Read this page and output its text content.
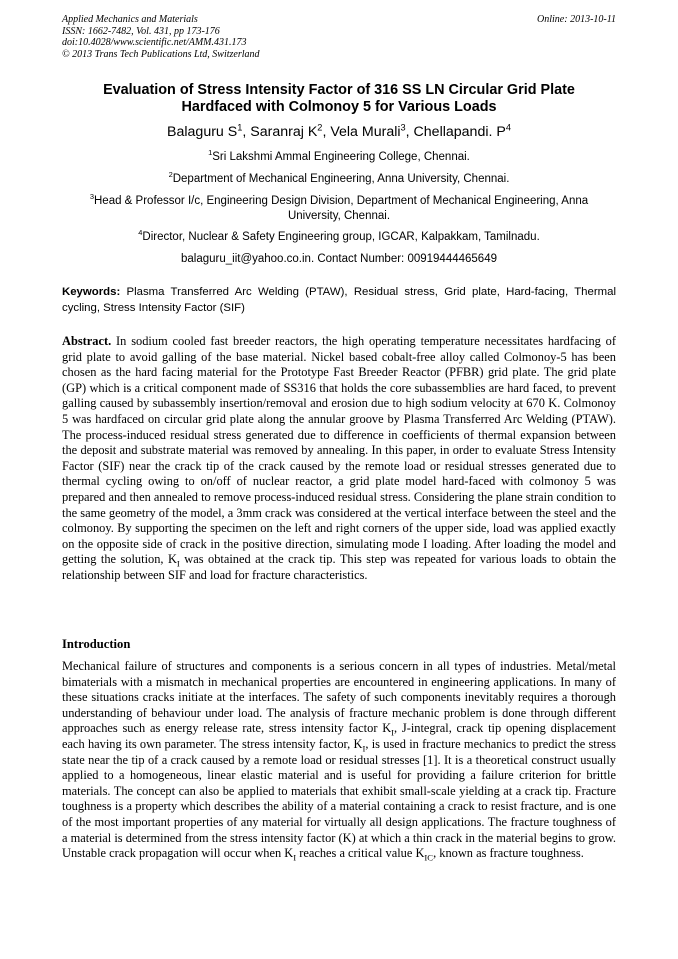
Applied Mechanics and Materials
ISSN: 1662-7482, Vol. 431, pp 173-176
doi:10.4028/www.scientific.net/AMM.431.173
© 2013 Trans Tech Publications Ltd, Switzerland
Online: 2013-10-11
Evaluation of Stress Intensity Factor of 316 SS LN Circular Grid Plate
Hardfaced with Colmonoy 5 for Various Loads
Balaguru $S^1$, Saranraj $K^2$, Vela Murali$^3$, Chellapandi. $P^4$
$^1$Sri Lakshmi Ammal Engineering College, Chennai.
$^2$Department of Mechanical Engineering, Anna University, Chennai.
$^3$Head & Professor I/c, Engineering Design Division, Department of Mechanical Engineering, Anna University, Chennai.
$^4$Director, Nuclear & Safety Engineering group, IGCAR, Kalpakkam, Tamilnadu.
balaguru_iit@yahoo.co.in. Contact Number: 00919444465649
Keywords: Plasma Transferred Arc Welding (PTAW), Residual stress, Grid plate, Hard-facing, Thermal cycling, Stress Intensity Factor (SIF)
Abstract. In sodium cooled fast breeder reactors, the high operating temperature necessitates hardfacing of grid plate to avoid galling of the base material. Nickel based cobalt-free alloy called Colmonoy-5 has been chosen as the hard facing material for the Prototype Fast Breeder Reactor (PFBR) grid plate. The grid plate (GP) which is a critical component made of SS316 that holds the core subassemblies are hard faced, to prevent galling caused by subassembly insertion/removal and erosion due to high sodium velocity at 670 K. Colmonoy 5 was hardfaced on circular grid plate along the annular groove by Plasma Transferred Arc Welding (PTAW). The process-induced residual stress generated due to difference in coefficients of thermal expansion between the deposit and substrate material was removed by annealing. In this paper, in order to evaluate Stress Intensity Factor (SIF) near the crack tip of the crack caused by the remote load or residual stresses generated due to thermal cycling owing to on/off of nuclear reactor, a grid plate model hard-faced with colmonoy 5 was prepared and then annealed to remove process-induced residual stress. Considering the plane strain condition to the same geometry of the model, a 3mm crack was considered at the vertical interface between the steel and the colmonoy. By supporting the specimen on the left and right corners of the upper side, load was applied exactly on the opposite side of crack in the positive direction, simulating mode I loading. After loading the model and getting the solution, $K_I$ was obtained at the crack tip. This step was repeated for various loads to obtain the relationship between SIF and load for fracture characteristics.
Introduction
Mechanical failure of structures and components is a serious concern in all types of industries. Metal/metal bimaterials with a mismatch in mechanical properties are encountered in engineering applications. In many of these situations cracks initiate at the interfaces. The safety of such components inevitably requires a thorough understanding of behaviour under load. The analysis of fracture mechanic problem is done through different approaches such as energy release rate, stress intensity factor $K_I$, J-integral, crack tip opening displacement each having its own parameter. The stress intensity factor, $K_I$, is used in fracture mechanics to predict the stress state near the tip of a crack caused by a remote load or residual stresses [1]. It is a theoretical construct usually applied to a homogeneous, linear elastic material and is useful for providing a failure criterion for brittle materials. The concept can also be applied to materials that exhibit small-scale yielding at a crack tip. Fracture toughness is a property which describes the ability of a material containing a crack to resist fracture, and is one of the most important properties of any material for virtually all design applications. The fracture toughness of a material is determined from the stress intensity factor (K) at which a thin crack in the material begins to grow. Unstable crack propagation will occur when $K_I$ reaches a critical value $K_{IC}$, known as fracture toughness.
